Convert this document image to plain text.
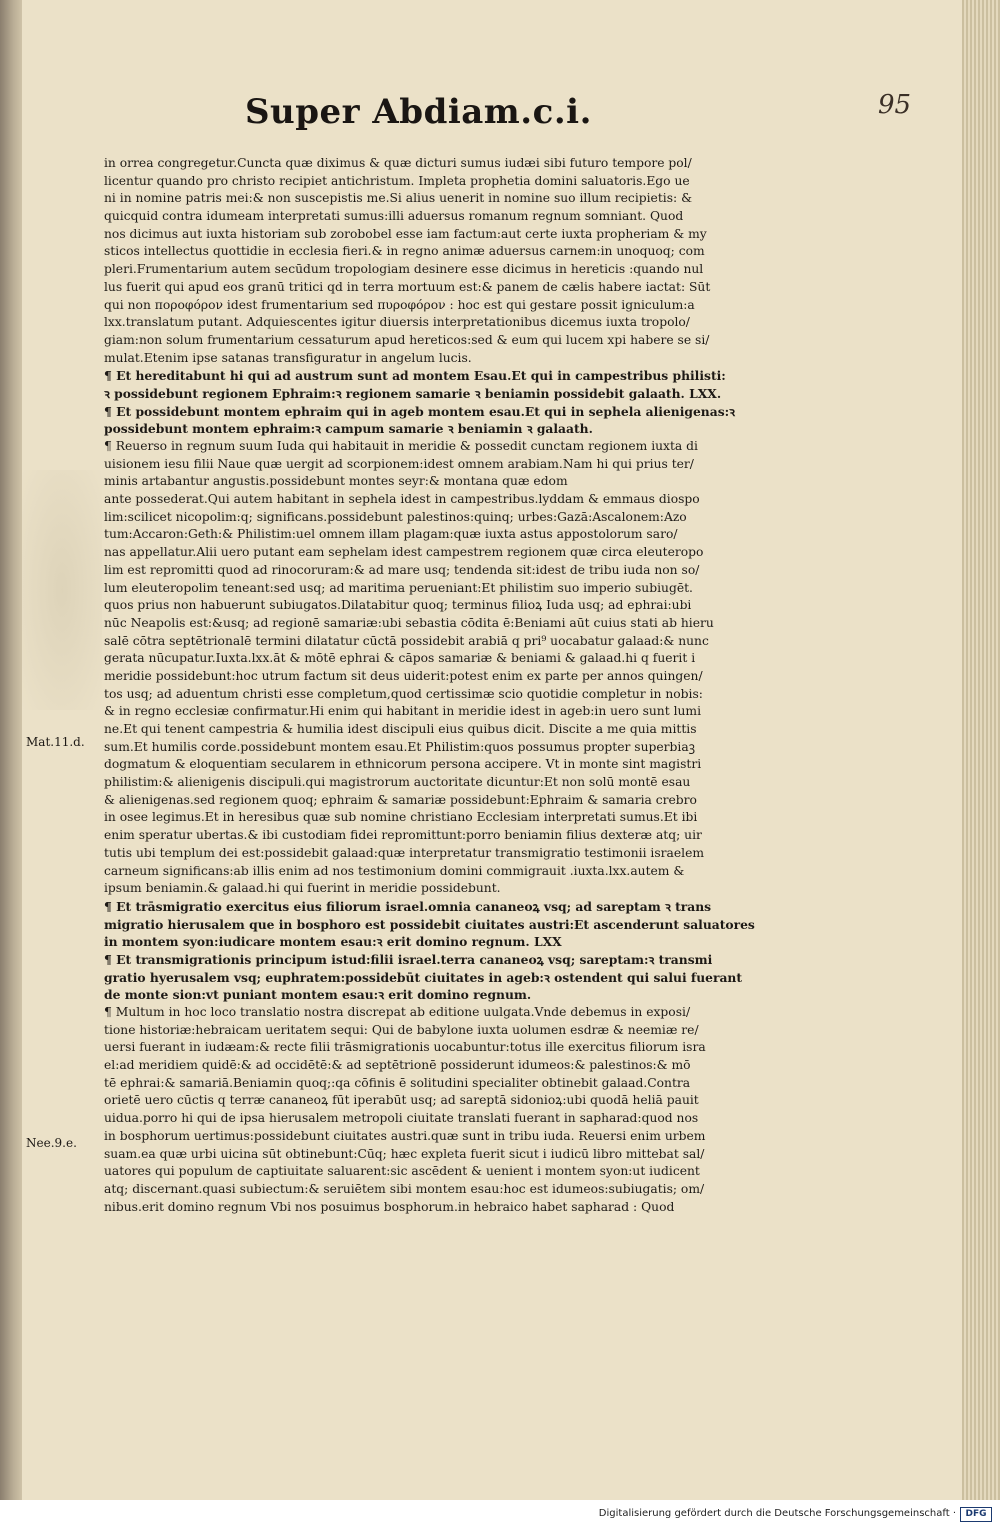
Super Abdiam.c.i.	95
Mat.11.d.
Nee.9.e.
in orrea congregetur.Cuncta quæ diximus & quæ dicturi sumus iudæi sibi futuro tempore pol/
licentur quando pro christo recipiet antichristum. Impleta prophetia domini saluatoris.Ego ue
ni in nomine patris mei:& non suscepistis me.Si alius uenerit in nomine suo illum recipietis: &
quicquid contra idumeam interpretati sumus:illi aduersus romanum regnum somniant. Quod
nos dicimus aut iuxta historiam sub zorobobel esse iam factum:aut certe iuxta propheriam & my
sticos intellectus quottidie in ecclesia fieri.& in regno animæ aduersus carnem:in unoquoq; com
pleri.Frumentarium autem secūdum tropologiam desinere esse dicimus in hereticis :quando nul
lus fuerit qui apud eos granū tritici qd in terra mortuum est:& panem de cælis habere iactat: Sūt
qui non πoροφόρoν idest frumentarium sed πυροφόρον : hoc est qui gestare possit igniculum:a
lxx.translatum putant. Adquiescentes igitur diuersis interpretationibus dicemus iuxta tropolo/
giam:non solum frumentarium cessaturum apud hereticos:sed & eum qui lucem xpi habere se si/
mulat.Etenim ipse satanas transfiguratur in angelum lucis.
¶ Et hereditabunt hi qui ad austrum sunt ad montem Esau.Et qui in campestribus philisti:
ꝛ possidebunt regionem Ephraim:ꝛ regionem samarie ꝛ beniamin possidebit galaath. LXX.
¶ Et possidebunt montem ephraim qui in ageb montem esau.Et qui in sephela alienigenas:ꝛ
possidebunt montem ephraim:ꝛ campum samarie ꝛ beniamin ꝛ galaath.
¶ Reuerso in regnum suum Iuda qui habitauit in meridie & possedit cunctam regionem iuxta di
uisionem iesu filii Naue quæ uergit ad scorpionem:idest omnem arabiam.Nam hi qui prius ter/
minis artabantur angustis.possidebunt montes seyr:& montana quæ edom
ante possederat.Qui autem habitant in sephela idest in campestribus.lyddam & emmaus diospo
lim:scilicet nicopolim:q; significans.possidebunt palestinos:quinq; urbes:Gazā:Ascalonem:Azo
tum:Accaron:Geth:& Philistim:uel omnem illam plagam:quæ iuxta astus appostolorum saro/
nas appellatur.Alii uero putant eam sephelam idest campestrem regionem quæ circa eleuteropo
lim est repromitti quod ad rinocoruram:& ad mare usq; tendenda sit:idest de tribu iuda non so/
lum eleuteropolim teneant:sed usq; ad maritima perueniant:Et philistim suo imperio subiugēt.
quos prius non habuerunt subiugatos.Dilatabitur quoq; terminus filioꝝ Iuda usq; ad ephrai:ubi
nūc Neapolis est:&usq; ad regionē samariæ:ubi sebastia cōdita ē:Beniami aūt cuius stati ab hieru
salē cōtra septētrionalē termini dilatatur cūctā possidebit arabiā q pri⁹ uocabatur galaad:& nunc
gerata nūcupatur.Iuxta.lxx.āt & mōtē ephrai & cāpos samariæ & beniami & galaad.hi q fuerit i
meridie possidebunt:hoc utrum factum sit deus uiderit:potest enim ex parte per annos quingen/
tos usq; ad aduentum christi esse completum,quod certissimæ scio quotidie completur in nobis:
& in regno ecclesiæ confirmatur.Hi enim qui habitant in meridie idest in ageb:in uero sunt lumi
ne.Et qui tenent campestria & humilia idest discipuli eius quibus dicit. Discite a me quia mittis
sum.Et humilis corde.possidebunt montem esau.Et Philistim:quos possumus propter superbiaꝫ
dogmatum & eloquentiam secularem in ethnicorum persona accipere. Vt in monte sint magistri
philistim:& alienigenis discipuli.qui magistrorum auctoritate dicuntur:Et non solū montē esau
& alienigenas.sed regionem quoq; ephraim & samariæ possidebunt:Ephraim & samaria crebro
in osee legimus.Et in heresibus quæ sub nomine christiano Ecclesiam interpretati sumus.Et ibi
enim speratur ubertas.& ibi custodiam fidei repromittunt:porro beniamin filius dexteræ atq; uir
tutis ubi templum dei est:possidebit galaad:quæ interpretatur transmigratio testimonii israelem
carneum significans:ab illis enim ad nos testimonium domini commigrauit .iuxta.lxx.autem &
ipsum beniamin.& galaad.hi qui fuerint in meridie possidebunt.
¶ Et trāsmigratio exercitus eius filiorum israel.omnia cananeoꝝ vsq; ad sareptam ꝛ trans
migratio hierusalem que in bosphoro est possidebit ciuitates austri:Et ascenderunt saluatores
in montem syon:iudicare montem esau:ꝛ erit domino regnum. LXX
¶ Et transmigrationis principum istud:filii israel.terra cananeoꝝ vsq; sareptam:ꝛ transmi
gratio hyerusalem vsq; euphratem:possidebūt ciuitates in ageb:ꝛ ostendent qui salui fuerant
de monte sion:vt puniant montem esau:ꝛ erit domino regnum.
¶ Multum in hoc loco translatio nostra discrepat ab editione uulgata.Vnde debemus in exposi/
tione historiæ:hebraicam ueritatem sequi: Qui de babylone iuxta uolumen esdræ & neemiæ re/
uersi fuerant in iudæam:& recte filii trāsmigrationis uocabuntur:totus ille exercitus filiorum isra
el:ad meridiem quidē:& ad occidētē:& ad septētrionē possiderunt idumeos:& palestinos:& mō
tē ephrai:& samariā.Beniamin quoq;:qa cōfinis ē solitudini specialiter obtinebit galaad.Contra
orietē uero cūctis q terræ cananeoꝝ fūt iperabūt usq; ad sareptā sidonioꝝ:ubi quodā heliā pauit
uidua.porro hi qui de ipsa hierusalem metropoli ciuitate translati fuerant in sapharad:quod nos
in bosphorum uertimus:possidebunt ciuitates austri.quæ sunt in tribu iuda. Reuersi enim urbem
suam.ea quæ urbi uicina sūt obtinebunt:Cūq; hæc expleta fuerit sicut i iudicū libro mittebat sal/
uatores qui populum de captiuitate saluarent:sic ascēdent & uenient i montem syon:ut iudicent
atq; discernant.quasi subiectum:& seruiētem sibi montem esau:hoc est idumeos:subiugatis; om/
nibus.erit domino regnum Vbi nos posuimus bosphorum.in hebraico habet sapharad : Quod
Digitalisierung gefördert durch die Deutsche Forschungsgemeinschaft ·	DFG
